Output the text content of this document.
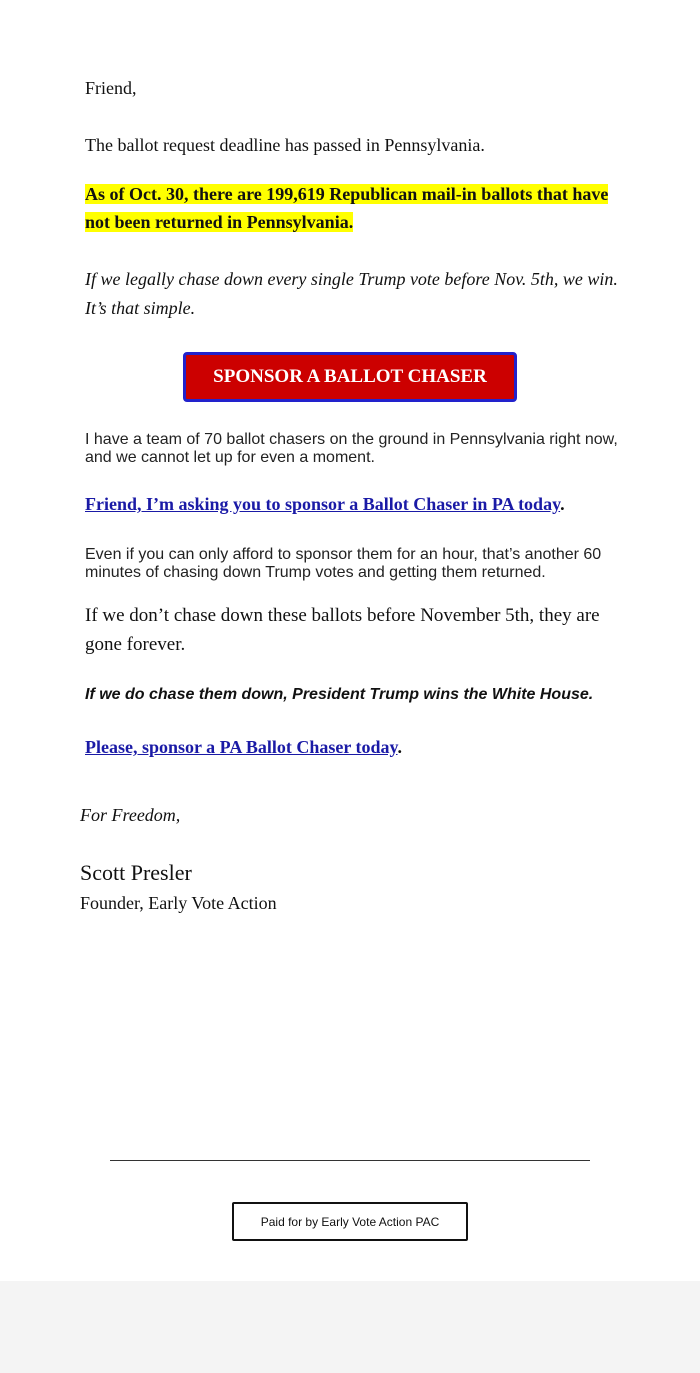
Friend,
The ballot request deadline has passed in Pennsylvania.
As of Oct. 30, there are 199,619 Republican mail-in ballots that have not been returned in Pennsylvania.
If we legally chase down every single Trump vote before Nov. 5th, we win. It’s that simple.
SPONSOR A BALLOT CHASER
I have a team of 70 ballot chasers on the ground in Pennsylvania right now, and we cannot let up for even a moment.
Friend, I’m asking you to sponsor a Ballot Chaser in PA today.
Even if you can only afford to sponsor them for an hour, that’s another 60 minutes of chasing down Trump votes and getting them returned.
If we don’t chase down these ballots before November 5th, they are gone forever.
If we do chase them down, President Trump wins the White House.
Please, sponsor a PA Ballot Chaser today.
For Freedom,
Scott Presler
Founder, Early Vote Action
Paid for by Early Vote Action PAC
